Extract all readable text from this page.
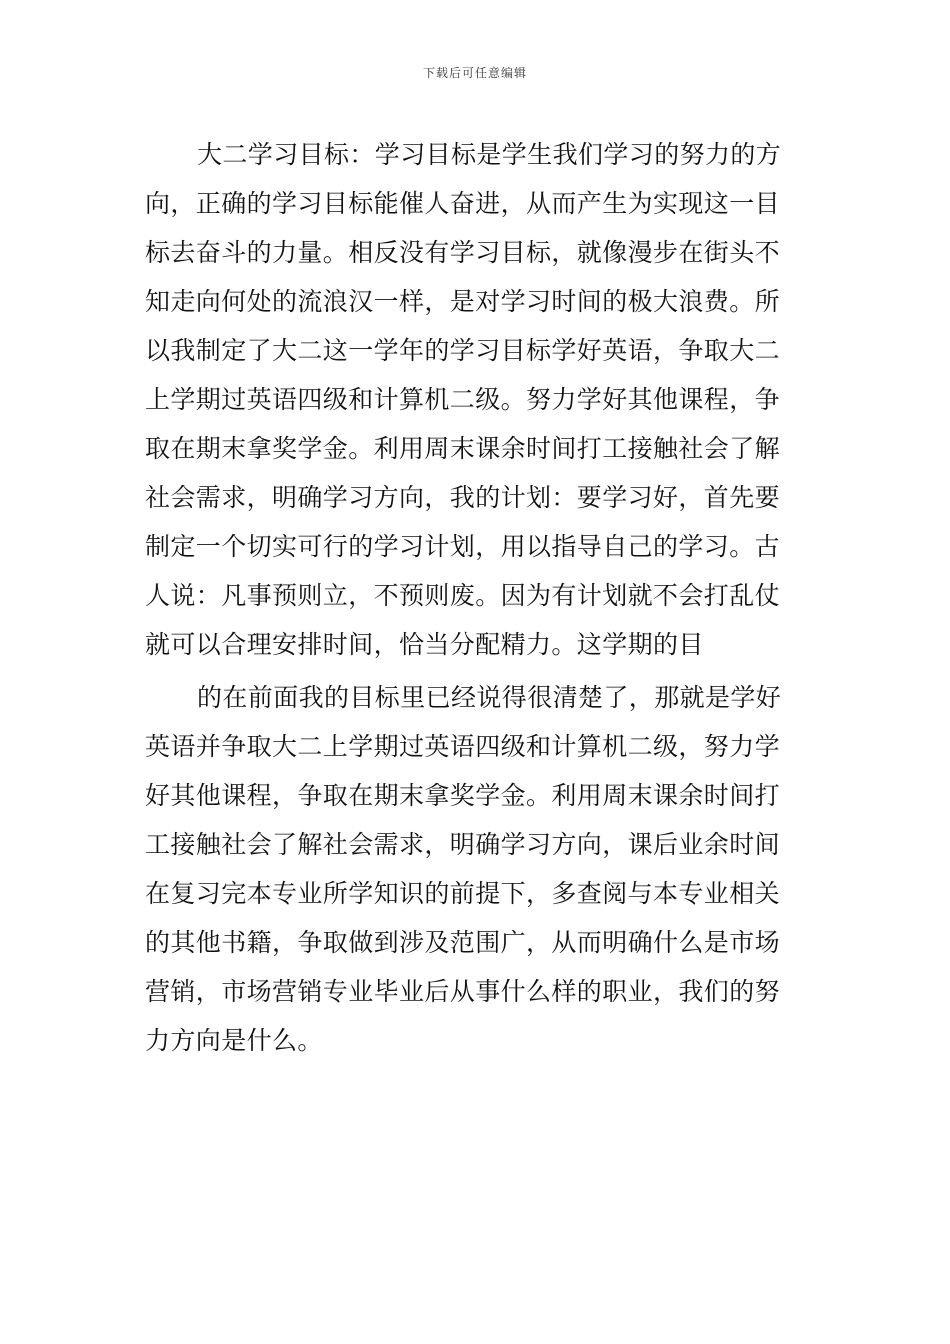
下载后可任意编辑
大二学习目标：学习目标是学生我们学习的努力的方
向，正确的学习目标能催人奋进，从而产生为实现这一目
标去奋斗的力量。相反没有学习目标，就像漫步在街头不
知走向何处的流浪汉一样，是对学习时间的极大浪费。所
以我制定了大二这一学年的学习目标学好英语，争取大二
上学期过英语四级和计算机二级。努力学好其他课程，争
取在期末拿奖学金。利用周末课余时间打工接触社会了解
社会需求，明确学习方向，我的计划：要学习好，首先要
制定一个切实可行的学习计划，用以指导自己的学习。古
人说：凡事预则立，不预则废。因为有计划就不会打乱仗
就可以合理安排时间，恰当分配精力。这学期的目
的在前面我的目标里已经说得很清楚了，那就是学好
英语并争取大二上学期过英语四级和计算机二级，努力学
好其他课程，争取在期末拿奖学金。利用周末课余时间打
工接触社会了解社会需求，明确学习方向，课后业余时间
在复习完本专业所学知识的前提下，多查阅与本专业相关
的其他书籍，争取做到涉及范围广，从而明确什么是市场
营销，市场营销专业毕业后从事什么样的职业，我们的努
力方向是什么。
